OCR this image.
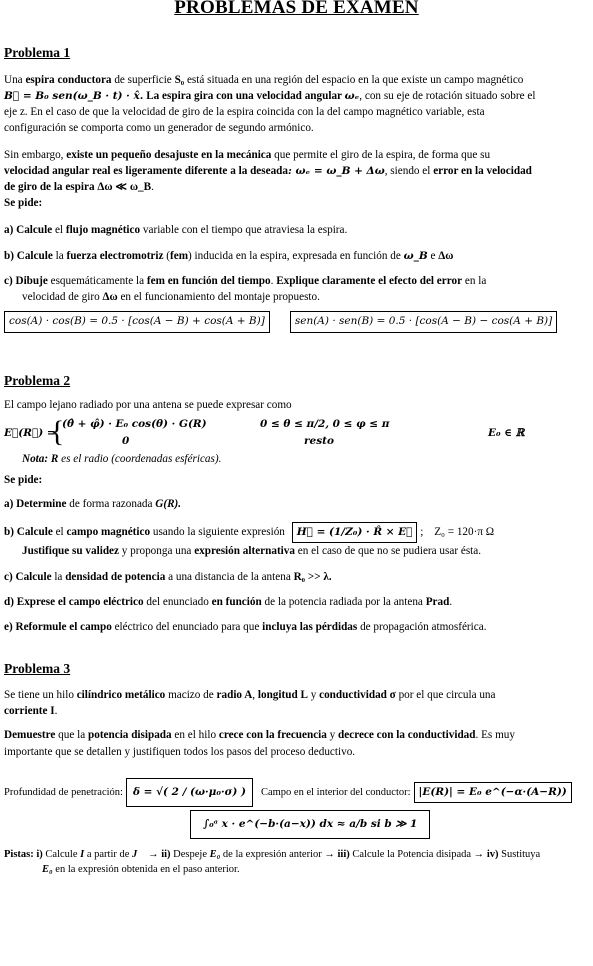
PROBLEMAS DE EXAMEN
Problema 1

Una espira conductora de superficie S₀ está situada en una región del espacio en la que existe un campo magnético

B⃗ = B₀ sen(ω_B · t) · x̂. La espira gira con una velocidad angular ωₑ, con su eje de rotación situado sobre el

eje z. En el caso de que la velocidad de giro de la espira coincida con la del campo magnético variable, esta

configuración se comporta como un generador de segundo armónico.

Sin embargo, existe un pequeño desajuste en la mecánica que permite el giro de la espira, de forma que su
velocidad angular real es ligeramente diferente a la deseada: ωₑ = ω_B + Δω, siendo el error en la velocidad
de giro de la espira Δω ≪ ω_B.

Se pide:

a) Calcule el flujo magnético variable con el tiempo que atraviesa la espira.

b) Calcule la fuerza electromotriz (fem) inducida en la espira, expresada en función de ω_B e Δω

c) Dibuje esquemáticamente la fem en función del tiempo. Explique claramente el efecto del error en la
velocidad de giro Δω en el funcionamiento del montaje propuesto.

cos(A) · cos(B) = 0.5 · [cos(A − B) + cos(A + B)]	sen(A) · sen(B) = 0.5 · [cos(A − B) − cos(A + B)]
Problema 2

El campo lejano radiado por una antena se puede expresar como

E⃗(R⃗) =
{
(θ̂ + φ̂) · E₀ cos(θ) · G(R)	0 ≤ θ ≤ π/2, 0 ≤ φ ≤ π
0	resto
E₀ ∈ ℝ

Nota: R es el radio (coordenadas esféricas).

Se pide:

a) Determine de forma razonada G(R).

b) Calcule el campo magnético usando la siguiente expresión H⃗ = (1/Z₀) · R̂ × E⃗ ; Z₀ = 120·π Ω

Justifique su validez y proponga una expresión alternativa en el caso de que no se pudiera usar ésta.

c) Calcule la densidad de potencia a una distancia de la antena R₀ >> λ.

d) Exprese el campo eléctrico del enunciado en función de la potencia radiada por la antena Prad.

e) Reformule el campo eléctrico del enunciado para que incluya las pérdidas de propagación atmosférica.

Problema 3

Se tiene un hilo cilíndrico metálico macizo de radio A, longitud L y conductividad σ por el que circula una
corriente I.

Demuestre que la potencia disipada en el hilo crece con la frecuencia y decrece con la conductividad. Es muy
importante que se detallen y justifiquen todos los pasos del proceso deductivo.

Profundidad de penetración: δ = √( 2 / (ω·μ₀·σ) )	Campo en el interior del conductor: |E(R)| = E₀ e^(−α·(A−R))
∫₀ᵃ x · e^(−b·(a−x)) dx ≈ a/b si b ≫ 1

Pistas: i) Calcule I a partir de J⃗ → ii) Despeje E₀ de la expresión anterior → iii) Calcule la Potencia disipada → iv) Sustituya
E₀ en la expresión obtenida en el paso anterior.
